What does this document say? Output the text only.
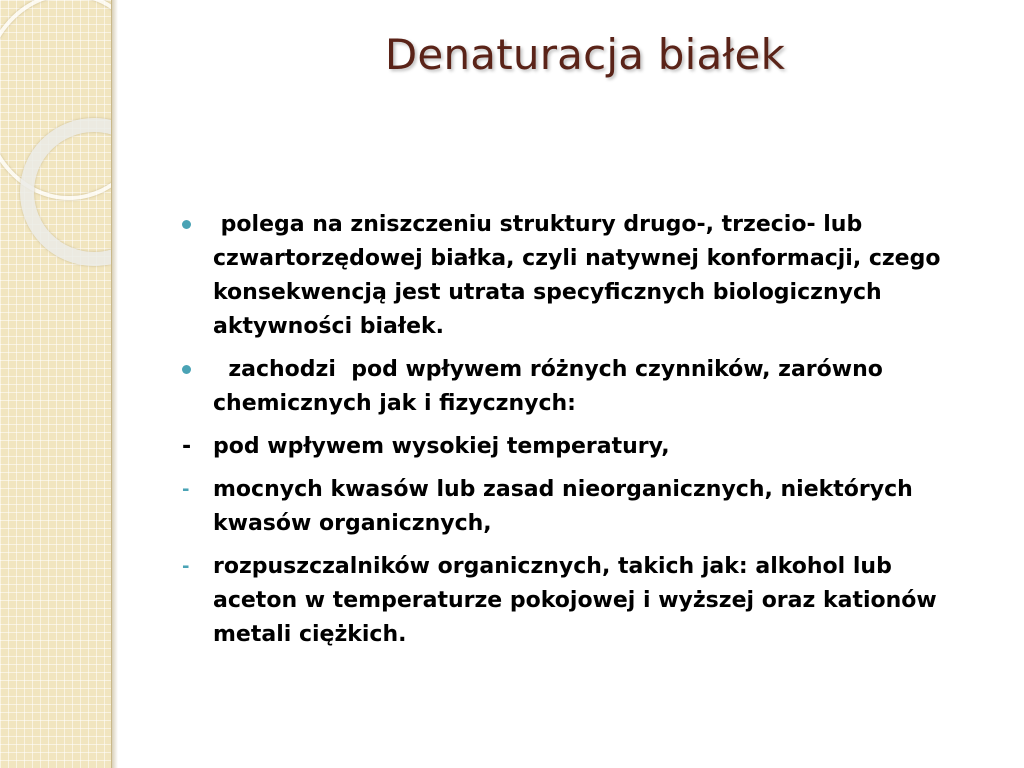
Denaturacja białek
polega na zniszczeniu struktury drugo-, trzecio- lub czwartorzędowej białka, czyli natywnej konformacji, czego konsekwencją jest utrata specyficznych biologicznych aktywności białek.
zachodzi  pod wpływem różnych czynników, zarówno chemicznych jak i fizycznych:
- pod wpływem wysokiej temperatury,
- mocnych kwasów lub zasad nieorganicznych, niektórych kwasów organicznych,
- rozpuszczalników organicznych, takich jak: alkohol lub aceton w temperaturze pokojowej i wyższej oraz kationów metali ciężkich.
